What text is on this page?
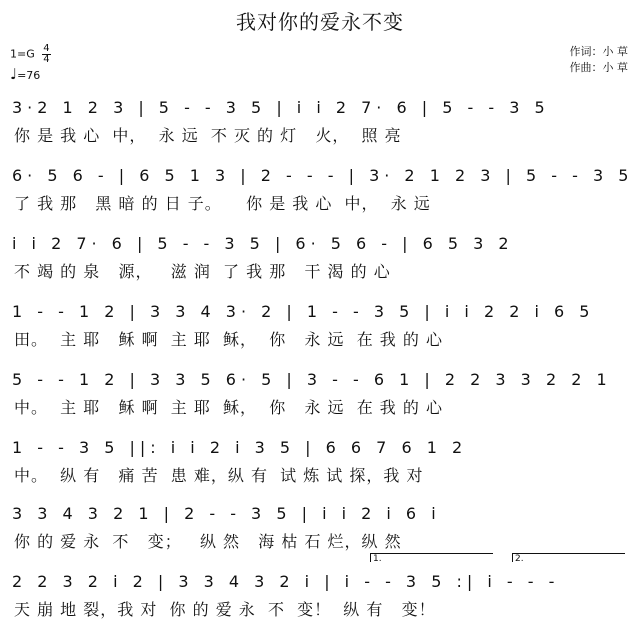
我对你的爱永不变
$1=G \frac{4}{4}$
♩=76
作词：小 草
作曲：小 草
3·2 1 2 3 | 5 - - 3 5 | i i 2 7· 6 | 5 - - 3 5
你 是 我 心  中，  永 远  不 灭 的 灯   火，  照 亮
6· 5 6 - | 6 5 1 3 | 2 - - - | 3· 2 1 2 3 | 5 - - 3 5
了 我 那   黑 暗 的 日 子。    你 是 我 心  中，  永 远
i i 2 7· 6 | 5 - - 3 5 | 6· 5 6 - | 6 5 3 2
不 竭 的 泉   源，   滋 润  了 我 那   干 渴 的 心
1 - - 1 2 | 3 3 4 3· 2 | 1 - - 3 5 | i i 2 2 i 6 5
田。  主 耶   稣 啊  主 耶  稣，  你   永 远  在 我 的 心
5 - - 1 2 | 3 3 5 6· 5 | 3 - - 6 1 | 2 2 3 3 2 2 1
中。  主 耶   稣 啊  主 耶  稣，  你   永 远  在 我 的 心
1 - - 3 5 ||: i i 2 i 3 5 | 6 6 7 6 1 2
中。  纵 有   痛 苦  患 难，纵 有  试 炼 试 探，我 对
3 3 4 3 2 1 | 2 - - 3 5 | i i 2 i 6 i
你 的 爱 永  不   变；   纵 然   海 枯 石 烂，纵 然
1.	2.
2 2 3 2 i 2 | 3 3 4 3 2 i | i - - 3 5 :| i - - -
天 崩 地 裂，我 对  你 的 爱 永  不  变！  纵 有   变！
